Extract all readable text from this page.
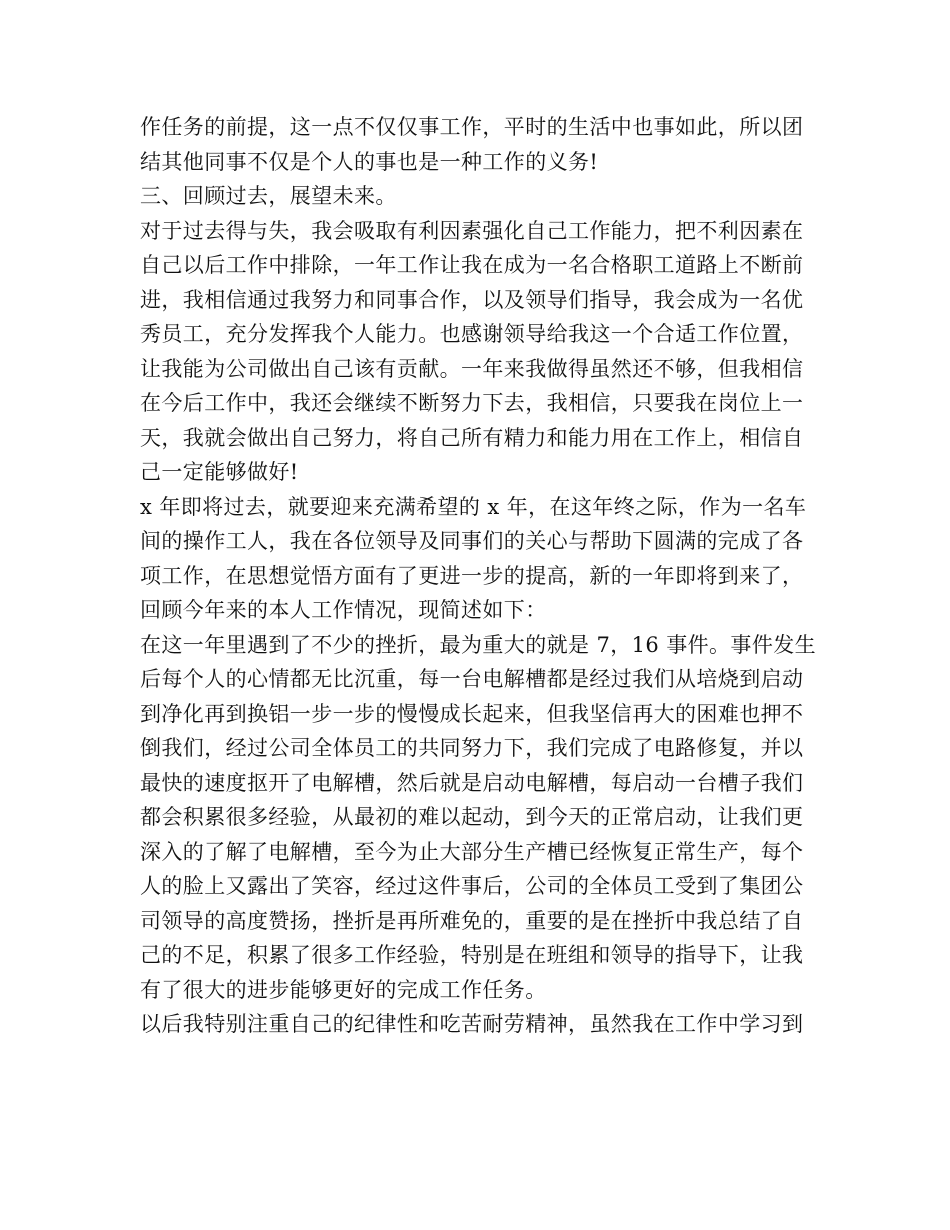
作任务的前提，这一点不仅仅事工作，平时的生活中也事如此，所以团
结其他同事不仅是个人的事也是一种工作的义务!
三、回顾过去，展望未来。
对于过去得与失，我会吸取有利因素强化自己工作能力，把不利因素在
自己以后工作中排除，一年工作让我在成为一名合格职工道路上不断前
进，我相信通过我努力和同事合作，以及领导们指导，我会成为一名优
秀员工，充分发挥我个人能力。也感谢领导给我这一个合适工作位置，
让我能为公司做出自己该有贡献。一年来我做得虽然还不够，但我相信
在今后工作中，我还会继续不断努力下去，我相信，只要我在岗位上一
天，我就会做出自己努力，将自己所有精力和能力用在工作上，相信自
己一定能够做好!
x 年即将过去，就要迎来充满希望的 x 年，在这年终之际，作为一名车
间的操作工人，我在各位领导及同事们的关心与帮助下圆满的完成了各
项工作，在思想觉悟方面有了更进一步的提高，新的一年即将到来了，
回顾今年来的本人工作情况，现简述如下：
在这一年里遇到了不少的挫折，最为重大的就是 7，16 事件。事件发生
后每个人的心情都无比沉重，每一台电解槽都是经过我们从培烧到启动
到净化再到换铝一步一步的慢慢成长起来，但我坚信再大的困难也押不
倒我们，经过公司全体员工的共同努力下，我们完成了电路修复，并以
最快的速度抠开了电解槽，然后就是启动电解槽，每启动一台槽子我们
都会积累很多经验，从最初的难以起动，到今天的正常启动，让我们更
深入的了解了电解槽，至今为止大部分生产槽已经恢复正常生产，每个
人的脸上又露出了笑容，经过这件事后，公司的全体员工受到了集团公
司领导的高度赞扬，挫折是再所难免的，重要的是在挫折中我总结了自
己的不足，积累了很多工作经验，特别是在班组和领导的指导下，让我
有了很大的进步能够更好的完成工作任务。
以后我特别注重自己的纪律性和吃苦耐劳精神，虽然我在工作中学习到
